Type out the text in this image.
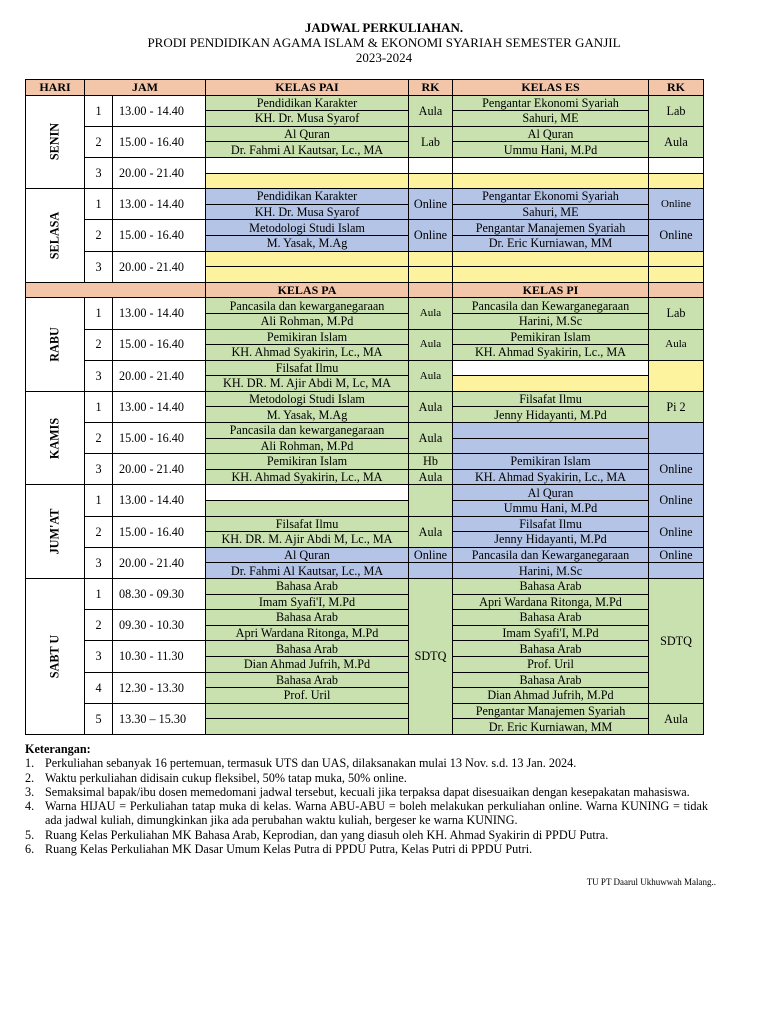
JADWAL PERKULIAHAN.
PRODI PENDIDIKAN AGAMA ISLAM & EKONOMI SYARIAH SEMESTER GANJIL
2023-2024
HARI	JAM		KELAS PAI	RK	KELAS ES	RK

SENIN	1	13.00 - 14.40	Pendidikan Karakter	Aula	Pengantar Ekonomi Syariah	Lab
			KH. Dr. Musa Syarof		Sahuri, ME	
	2	15.00 - 16.40	Al Quran	Lab	Al Quran	Aula
			Dr. Fahmi Al Kautsar, Lc., MA		Ummu Hani, M.Pd	
	3	20.00 - 21.40				

SELASA	1	13.00 - 14.40	Pendidikan Karakter	Online	Pengantar Ekonomi Syariah	Online
			KH. Dr. Musa Syarof		Sahuri, ME	
	2	15.00 - 16.40	Metodologi Studi Islam	Online	Pengantar Manajemen Syariah	Online
			M. Yasak, M.Ag		Dr. Eric Kurniawan, MM	
	3	20.00 - 21.40				

			KELAS PA		KELAS PI	

RABU	1	13.00 - 14.40	Pancasila dan kewarganegaraan	Aula	Pancasila dan Kewarganegaraan	Lab
			Ali Rohman, M.Pd		Harini, M.Sc	
	2	15.00 - 16.40	Pemikiran Islam	Aula	Pemikiran Islam	Aula
			KH. Ahmad Syakirin, Lc., MA		KH. Ahmad Syakirin, Lc., MA	
	3	20.00 - 21.40	Filsafat Ilmu	Aula		
			KH. DR. M. Ajir Abdi M, Lc, MA			

KAMIS	1	13.00 - 14.40	Metodologi Studi Islam	Aula	Filsafat Ilmu	Pi 2
			M. Yasak, M.Ag		Jenny Hidayanti, M.Pd	
	2	15.00 - 16.40	Pancasila dan kewarganegaraan	Aula		
			Ali Rohman, M.Pd			
	3	20.00 - 21.40	Pemikiran Islam	Hb	Pemikiran Islam	Online
			KH. Ahmad Syakirin, Lc., MA	Aula	KH. Ahmad Syakirin, Lc., MA	

JUM'AT	1	13.00 - 14.40			Al Quran	Online
					Ummu Hani, M.Pd	
	2	15.00 - 16.40	Filsafat Ilmu	Aula	Filsafat Ilmu	Online
			KH. DR. M. Ajir Abdi M, Lc., MA		Jenny Hidayanti, M.Pd	
	3	20.00 - 21.40	Al Quran	Online	Pancasila dan Kewarganegaraan	Online
			Dr. Fahmi Al Kautsar, Lc., MA		Harini, M.Sc	

SABT U	1	08.30 - 09.30	Bahasa Arab	SDTQ	Bahasa Arab	SDTQ
			Imam Syafi'I, M.Pd		Apri Wardana Ritonga, M.Pd	
	2	09.30 - 10.30	Bahasa Arab		Bahasa Arab	
			Apri Wardana Ritonga, M.Pd		Imam Syafi'I, M.Pd	
	3	10.30 - 11.30	Bahasa Arab		Bahasa Arab	
			Dian Ahmad Jufrih, M.Pd		Prof. Uril	
	4	12.30 - 13.30	Bahasa Arab		Bahasa Arab	
			Prof. Uril		Dian Ahmad Jufrih, M.Pd	
	5	13.30 – 15.30			Pengantar Manajemen Syariah	Aula
					Dr. Eric Kurniawan, MM	
Keterangan:
1. Perkuliahan sebanyak 16 pertemuan, termasuk UTS dan UAS, dilaksanakan mulai 13 Nov. s.d. 13 Jan. 2024.
2. Waktu perkuliahan didisain cukup fleksibel, 50% tatap muka, 50% online.
3. Semaksimal bapak/ibu dosen memedomani jadwal tersebut, kecuali jika terpaksa dapat disesuaikan dengan kesepakatan mahasiswa.
4. Warna HIJAU = Perkuliahan tatap muka di kelas. Warna ABU-ABU = boleh melakukan perkuliahan online. Warna KUNING = tidak ada jadwal kuliah, dimungkinkan jika ada perubahan waktu kuliah, bergeser ke warna KUNING.
5. Ruang Kelas Perkuliahan MK Bahasa Arab, Keprodian, dan yang diasuh oleh KH. Ahmad Syakirin di PPDU Putra.
6. Ruang Kelas Perkuliahan MK Dasar Umum Kelas Putra di PPDU Putra, Kelas Putri di PPDU Putri.
TU PT Daarul Ukhuwwah Malang..
